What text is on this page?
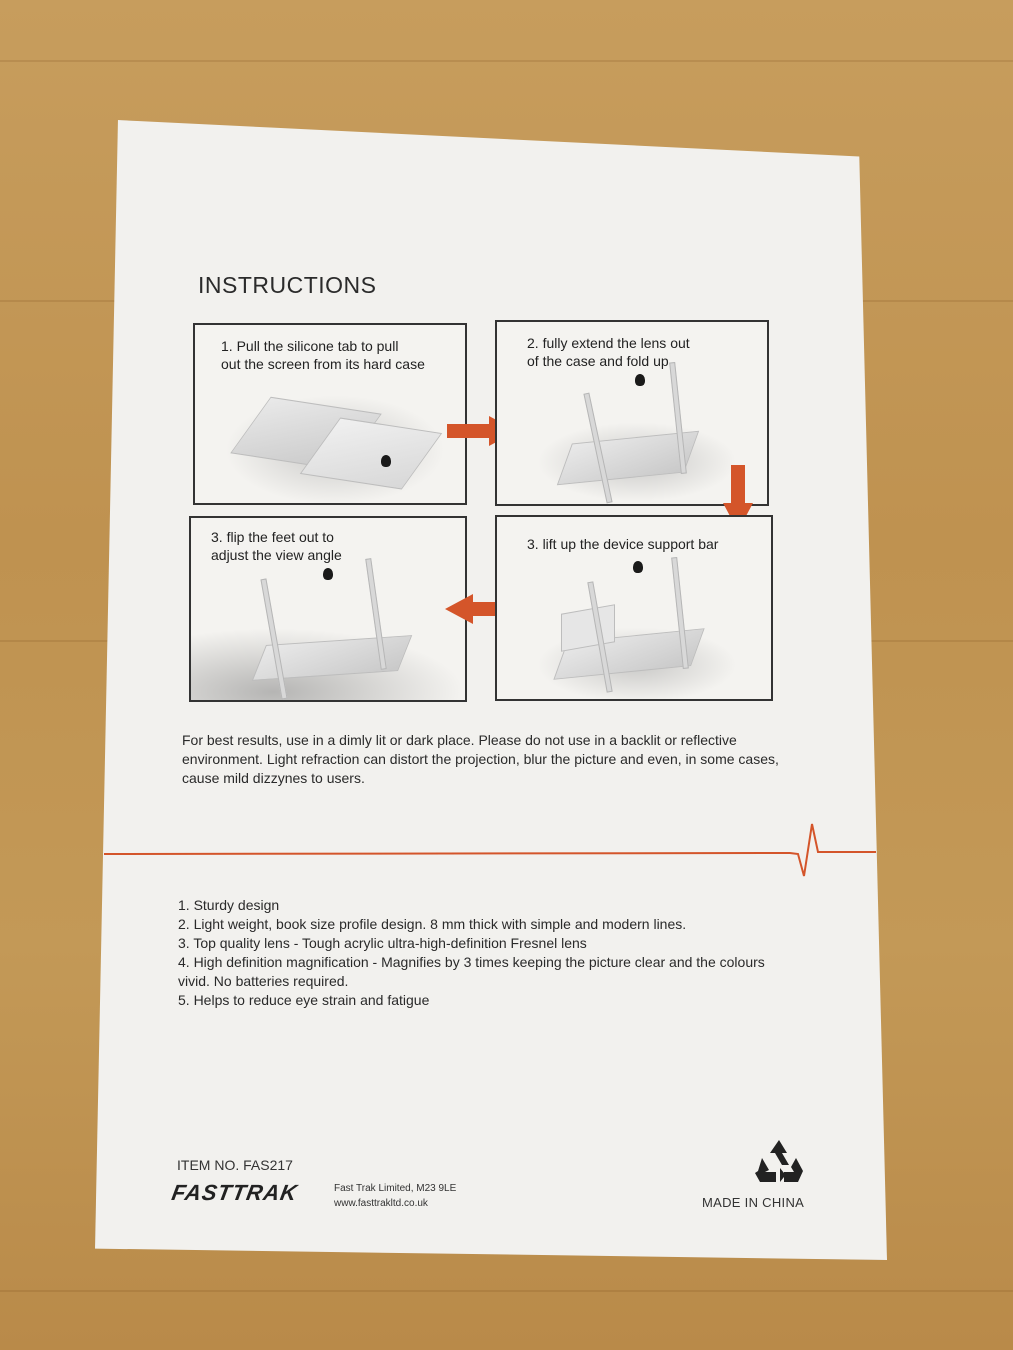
INSTRUCTIONS
1. Pull the silicone tab to pull
out the screen from its hard case
2. fully extend the lens out
of the case and fold up
3. flip the feet out to
adjust the view angle
3. lift up the device support bar

For best results, use in a dimly lit or dark place. Please do not use in a backlit or reflective environment. Light refraction can distort the projection, blur the picture and even, in some cases, cause mild dizzynes to users.

1. Sturdy design
2. Light weight, book size profile design. 8 mm thick with simple and modern lines.
3. Top quality lens - Tough acrylic ultra-high-definition Fresnel lens
4. High definition magnification - Magnifies by 3 times keeping the picture clear and the colours vivid. No batteries required.
5. Helps to reduce eye strain and fatigue
ITEM NO. FAS217
FASTTRAK	Fast Trak Limited, M23 9LE
www.fasttrakltd.co.uk	MADE IN CHINA
